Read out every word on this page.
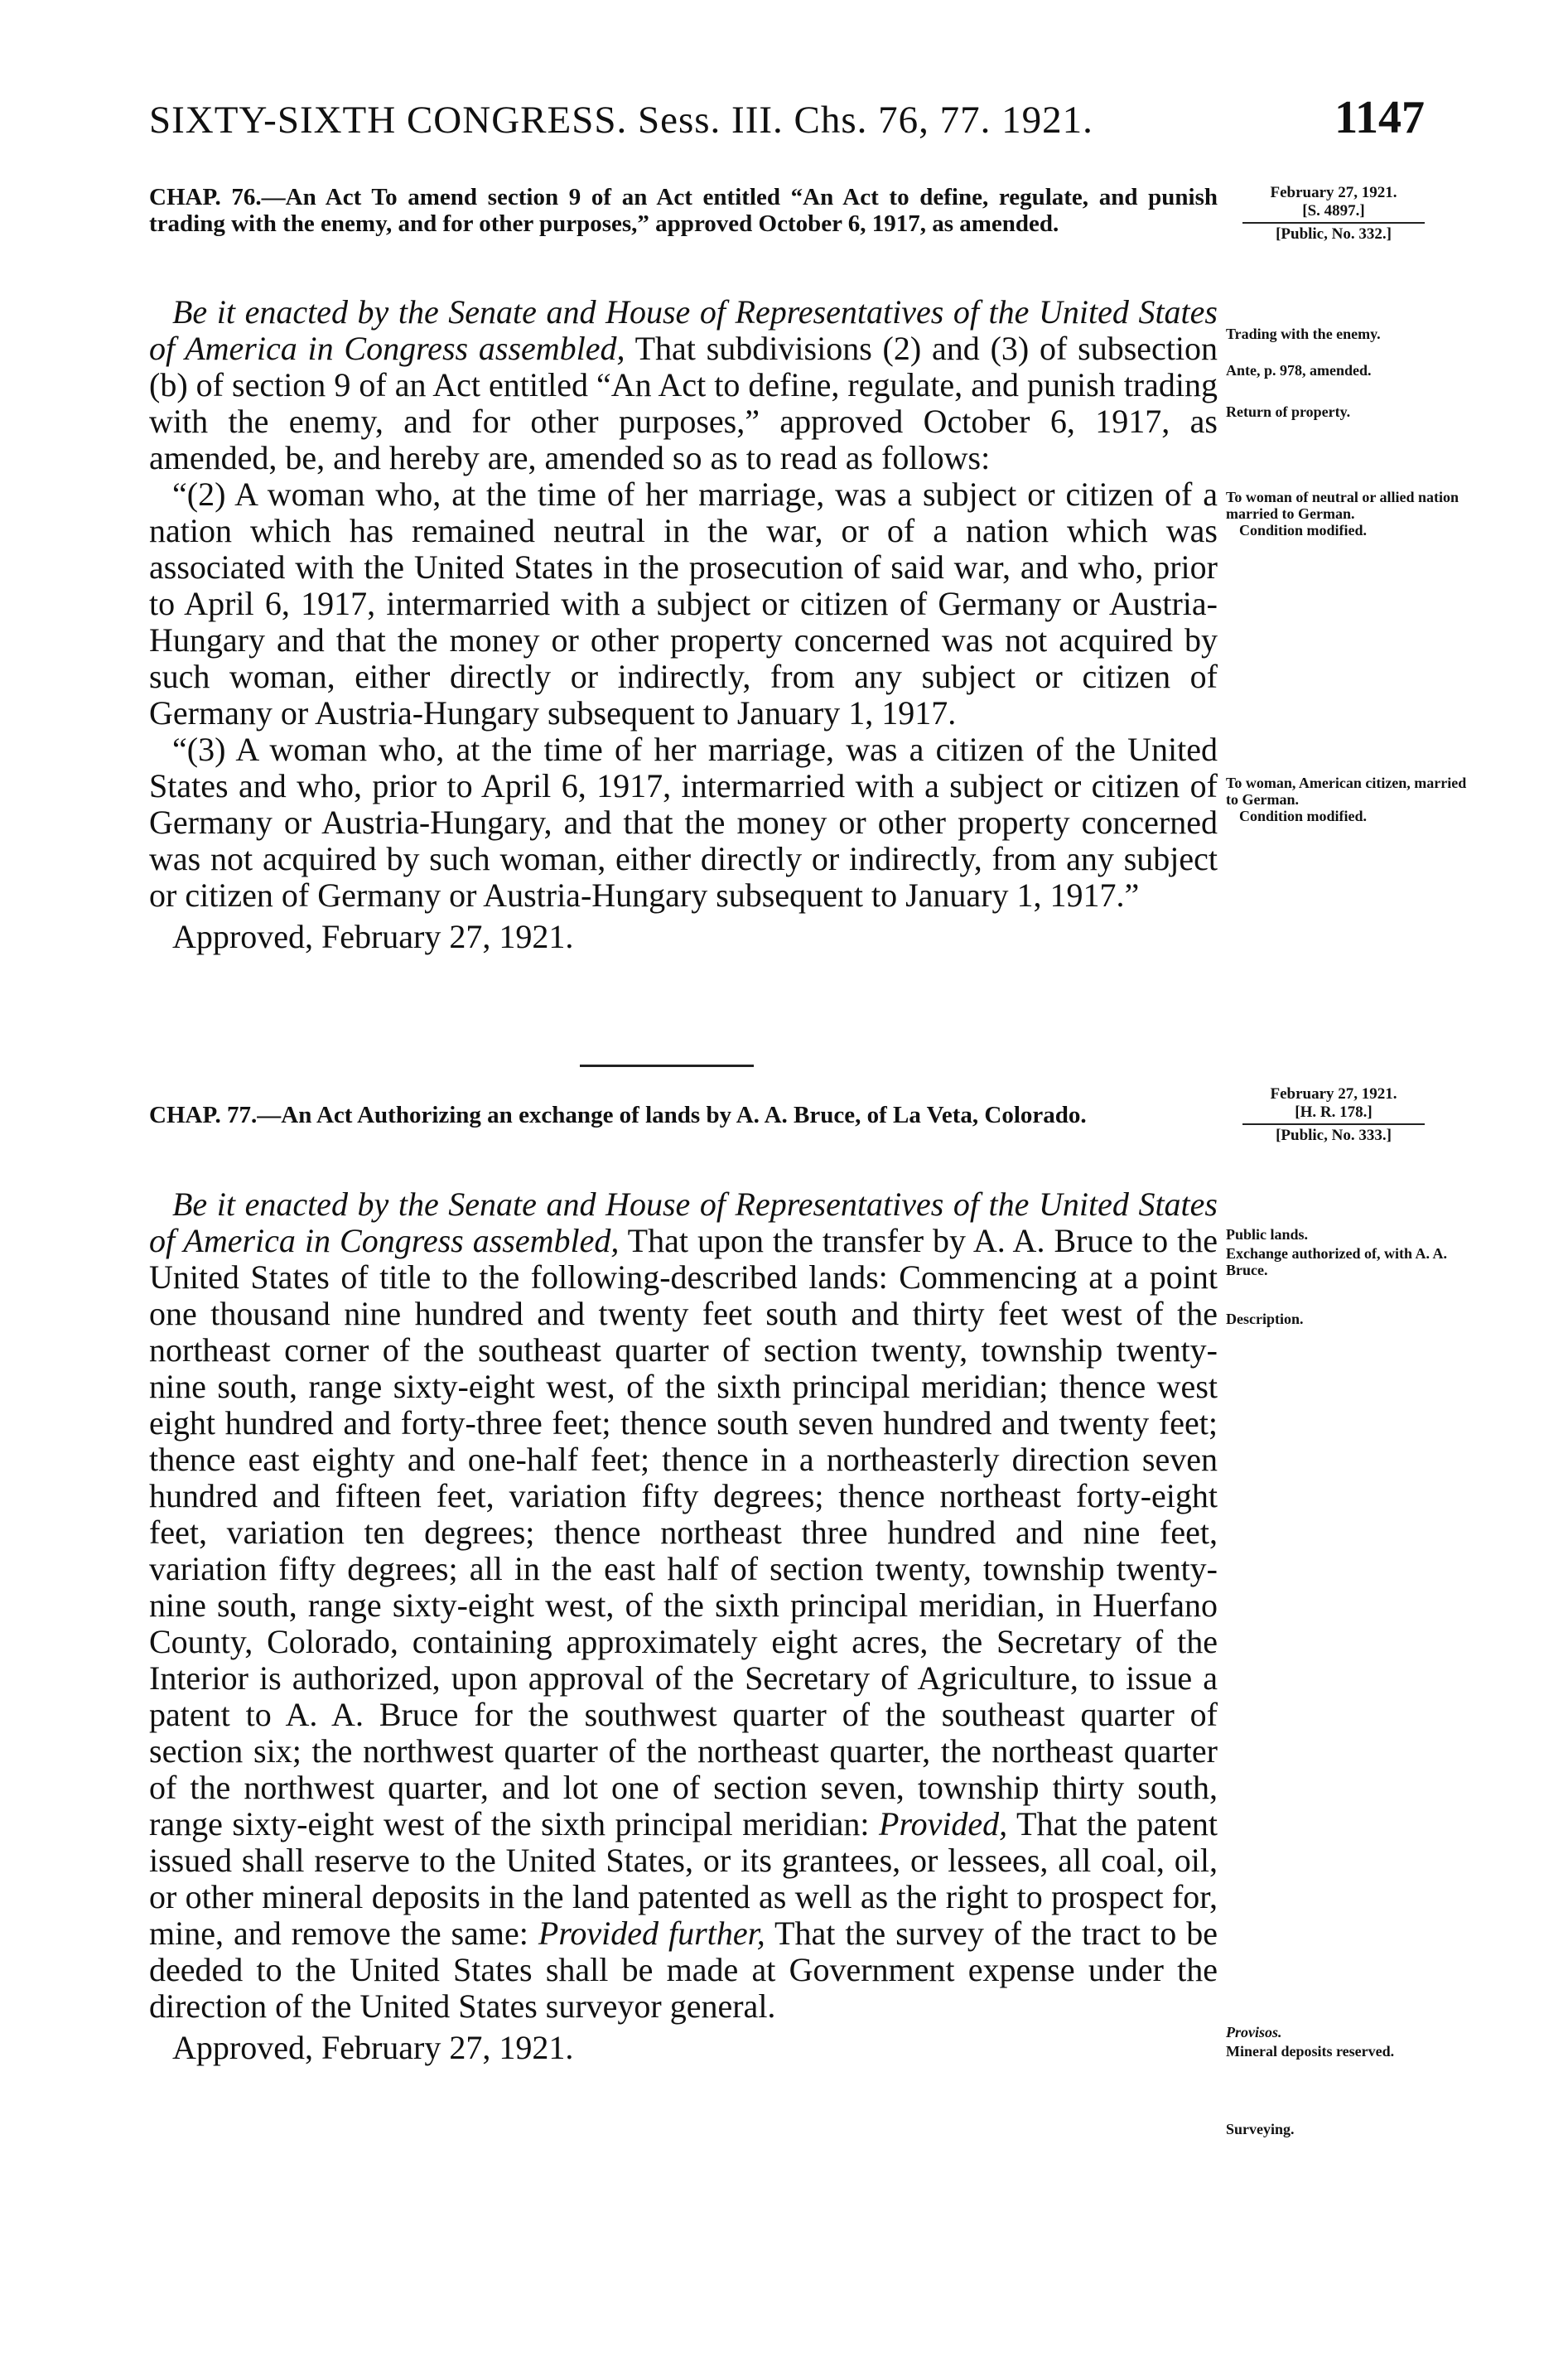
SIXTY-SIXTH CONGRESS. Sess. III. Chs. 76, 77. 1921.	1147

CHAP. 76.—An Act To amend section 9 of an Act entitled “An Act to define, regulate, and punish trading with the enemy, and for other purposes,” approved October 6, 1917, as amended.

February 27, 1921.
[S. 4897.]
[Public, No. 332.]

Be it enacted by the Senate and House of Representatives of the United States of America in Congress assembled, That subdivisions (2) and (3) of subsection (b) of section 9 of an Act entitled “An Act to define, regulate, and punish trading with the enemy, and for other purposes,” approved October 6, 1917, as amended, be, and hereby are, amended so as to read as follows:

“(2) A woman who, at the time of her marriage, was a subject or citizen of a nation which has remained neutral in the war, or of a nation which was associated with the United States in the prosecution of said war, and who, prior to April 6, 1917, intermarried with a subject or citizen of Germany or Austria-Hungary and that the money or other property concerned was not acquired by such woman, either directly or indirectly, from any subject or citizen of Germany or Austria-Hungary subsequent to January 1, 1917.

“(3) A woman who, at the time of her marriage, was a citizen of the United States and who, prior to April 6, 1917, intermarried with a subject or citizen of Germany or Austria-Hungary, and that the money or other property concerned was not acquired by such woman, either directly or indirectly, from any subject or citizen of Germany or Austria-Hungary subsequent to January 1, 1917.”

Approved, February 27, 1921.

Trading with the enemy.
Ante, p. 978, amended.
Return of property.
To woman of neutral or allied nation married to German.
Condition modified.
To woman, American citizen, married to German.
Condition modified.

CHAP. 77.—An Act Authorizing an exchange of lands by A. A. Bruce, of La Veta, Colorado.

February 27, 1921.
[H. R. 178.]
[Public, No. 333.]

Be it enacted by the Senate and House of Representatives of the United States of America in Congress assembled, That upon the transfer by A. A. Bruce to the United States of title to the following-described lands: Commencing at a point one thousand nine hundred and twenty feet south and thirty feet west of the northeast corner of the southeast quarter of section twenty, township twenty-nine south, range sixty-eight west, of the sixth principal meridian; thence west eight hundred and forty-three feet; thence south seven hundred and twenty feet; thence east eighty and one-half feet; thence in a northeasterly direction seven hundred and fifteen feet, variation fifty degrees; thence northeast forty-eight feet, variation ten degrees; thence northeast three hundred and nine feet, variation fifty degrees; all in the east half of section twenty, township twenty-nine south, range sixty-eight west, of the sixth principal meridian, in Huerfano County, Colorado, containing approximately eight acres, the Secretary of the Interior is authorized, upon approval of the Secretary of Agriculture, to issue a patent to A. A. Bruce for the southwest quarter of the southeast quarter of section six; the northwest quarter of the northeast quarter, the northeast quarter of the northwest quarter, and lot one of section seven, township thirty south, range sixty-eight west of the sixth principal meridian: Provided, That the patent issued shall reserve to the United States, or its grantees, or lessees, all coal, oil, or other mineral deposits in the land patented as well as the right to prospect for, mine, and remove the same: Provided further, That the survey of the tract to be deeded to the United States shall be made at Government expense under the direction of the United States surveyor general.

Approved, February 27, 1921.

Public lands.
Exchange authorized of, with A. A. Bruce.
Description.
Provisos.
Mineral deposits reserved.
Surveying.
